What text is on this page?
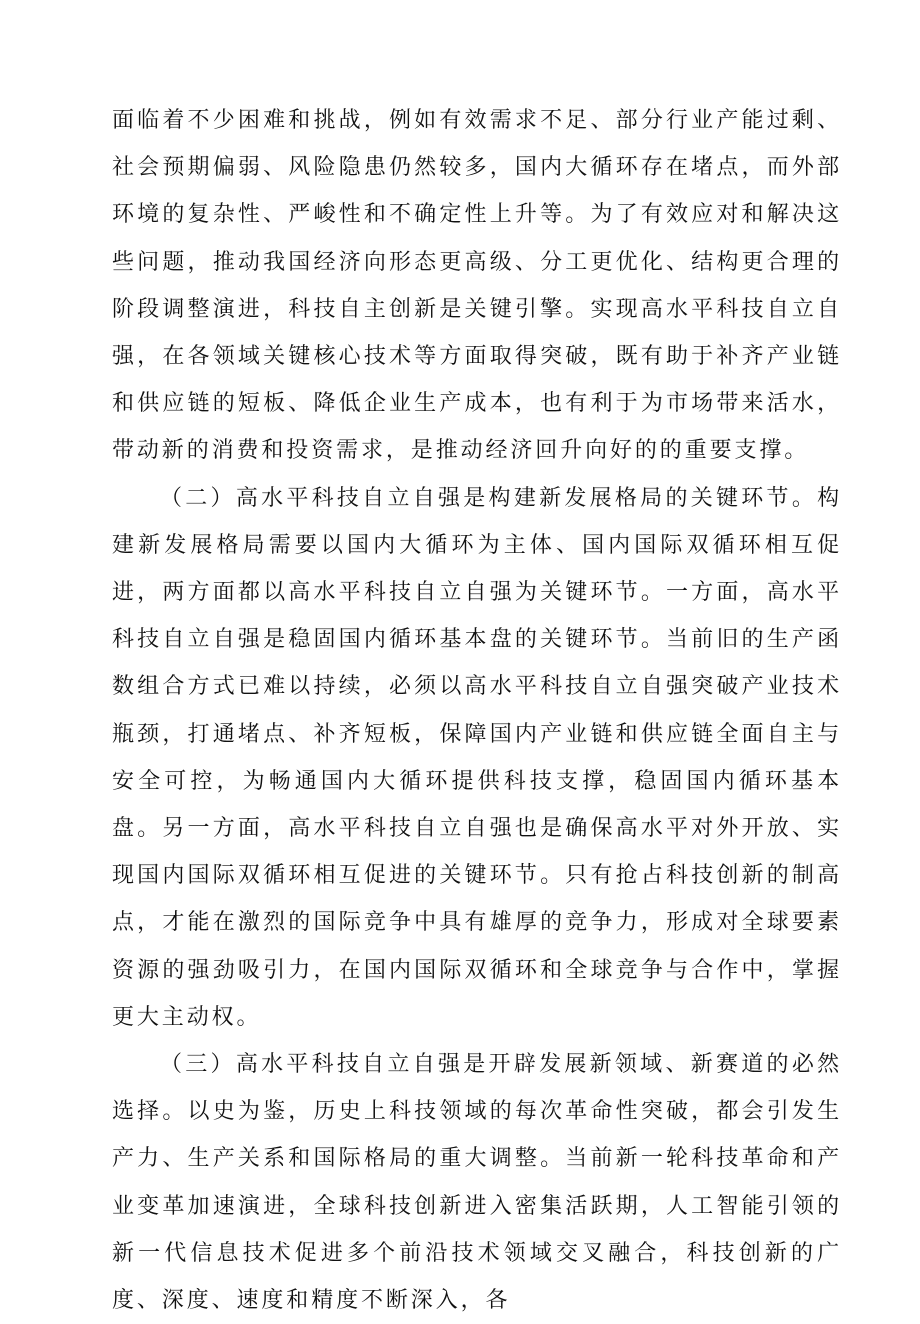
面临着不少困难和挑战，例如有效需求不足、部分行业产能过剩、社会预期偏弱、风险隐患仍然较多，国内大循环存在堵点，而外部环境的复杂性、严峻性和不确定性上升等。为了有效应对和解决这些问题，推动我国经济向形态更高级、分工更优化、结构更合理的阶段调整演进，科技自主创新是关键引擎。实现高水平科技自立自强，在各领域关键核心技术等方面取得突破，既有助于补齐产业链和供应链的短板、降低企业生产成本，也有利于为市场带来活水，带动新的消费和投资需求，是推动经济回升向好的的重要支撑。

（二）高水平科技自立自强是构建新发展格局的关键环节。构建新发展格局需要以国内大循环为主体、国内国际双循环相互促进，两方面都以高水平科技自立自强为关键环节。一方面，高水平科技自立自强是稳固国内循环基本盘的关键环节。当前旧的生产函数组合方式已难以持续，必须以高水平科技自立自强突破产业技术瓶颈，打通堵点、补齐短板，保障国内产业链和供应链全面自主与安全可控，为畅通国内大循环提供科技支撑，稳固国内循环基本盘。另一方面，高水平科技自立自强也是确保高水平对外开放、实现国内国际双循环相互促进的关键环节。只有抢占科技创新的制高点，才能在激烈的国际竞争中具有雄厚的竞争力，形成对全球要素资源的强劲吸引力，在国内国际双循环和全球竞争与合作中，掌握更大主动权。

（三）高水平科技自立自强是开辟发展新领域、新赛道的必然选择。以史为鉴，历史上科技领域的每次革命性突破，都会引发生产力、生产关系和国际格局的重大调整。当前新一轮科技革命和产业变革加速演进，全球科技创新进入密集活跃期，人工智能引领的新一代信息技术促进多个前沿技术领域交叉融合，科技创新的广度、深度、速度和精度不断深入，各
